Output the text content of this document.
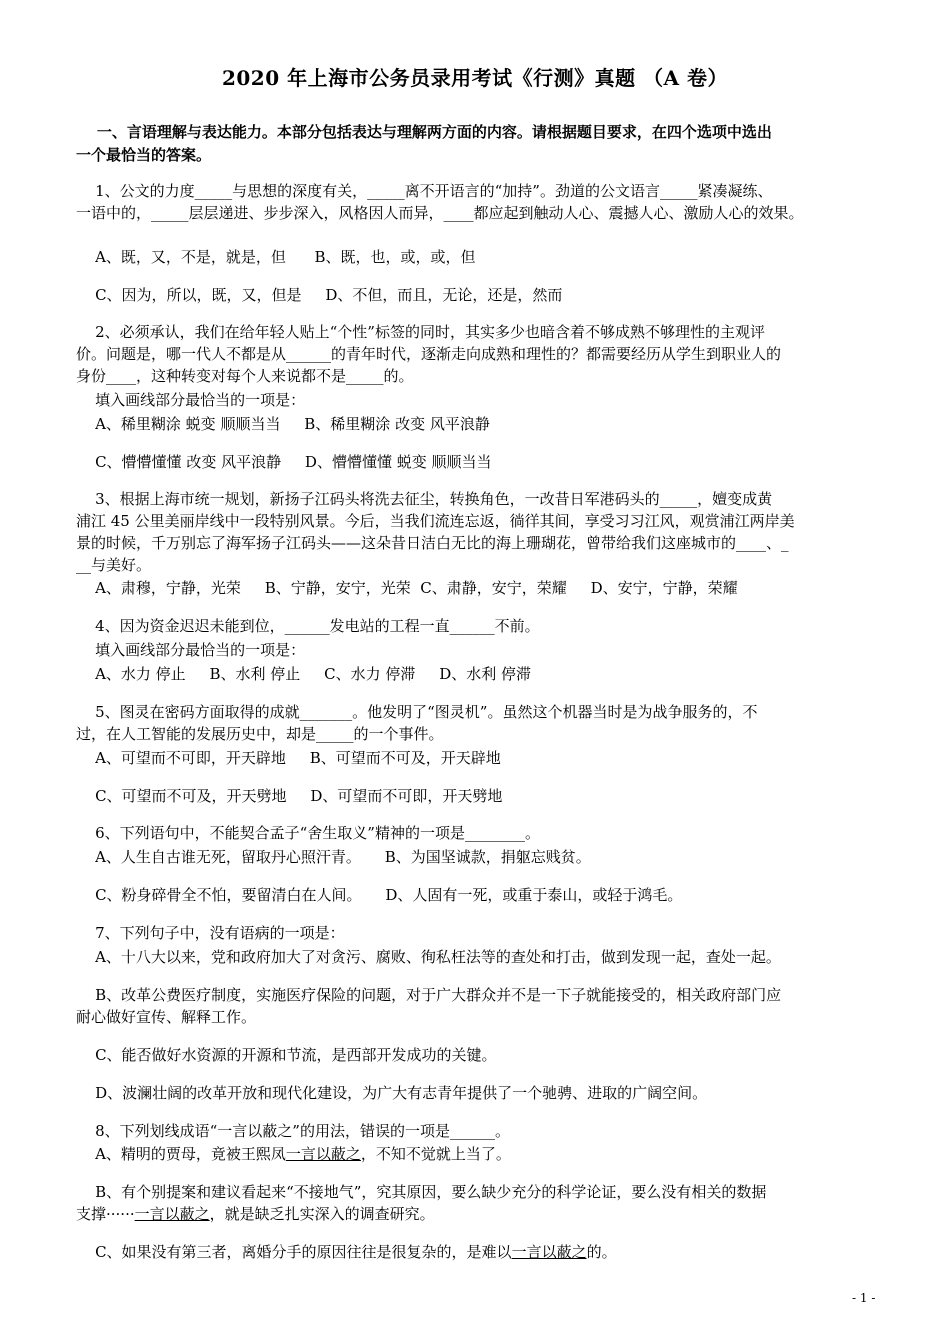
2020 年上海市公务员录用考试《行测》真题 （A 卷）
一、言语理解与表达能力。本部分包括表达与理解两方面的内容。请根据题目要求，在四个选项中选出
一个最恰当的答案。
1、公文的力度_____与思想的深度有关，_____离不开语言的“加持”。劲道的公文语言_____紧凑凝练、
一语中的，_____层层递进、步步深入，风格因人而异，____都应起到触动人心、震撼人心、激励人心的效果。
A、既，又，不是，就是，但      B、既，也，或，或，但
C、因为，所以，既，又，但是     D、不但，而且，无论，还是，然而
2、必须承认，我们在给年轻人贴上“个性”标签的同时，其实多少也暗含着不够成熟不够理性的主观评
价。问题是，哪一代人不都是从______的青年时代，逐渐走向成熟和理性的？都需要经历从学生到职业人的
身份____，这种转变对每个人来说都不是_____的。
填入画线部分最恰当的一项是：
A、稀里糊涂 蜕变 顺顺当当     B、稀里糊涂 改变 风平浪静
C、懵懵懂懂 改变 风平浪静     D、懵懵懂懂 蜕变 顺顺当当
3、根据上海市统一规划，新扬子江码头将洗去征尘，转换角色，一改昔日军港码头的_____，嬗变成黄
浦江 45 公里美丽岸线中一段特别风景。今后，当我们流连忘返，徜徉其间，享受习习江风，观赏浦江两岸美
景的时候，千万别忘了海军扬子江码头——这朵昔日洁白无比的海上珊瑚花，曾带给我们这座城市的____、_
__与美好。
A、肃穆，宁静，光荣     B、宁静，安宁，光荣  C、肃静，安宁，荣耀     D、安宁，宁静，荣耀
4、因为资金迟迟未能到位，______发电站的工程一直______不前。
填入画线部分最恰当的一项是：
A、水力 停止     B、水利 停止     C、水力 停滞     D、水利 停滞
5、图灵在密码方面取得的成就_______。他发明了“图灵机”。虽然这个机器当时是为战争服务的，不
过，在人工智能的发展历史中，却是_____的一个事件。
A、可望而不可即，开天辟地     B、可望而不可及，开天辟地
C、可望而不可及，开天劈地     D、可望而不可即，开天劈地
6、下列语句中，不能契合孟子“舍生取义”精神的一项是________。
A、人生自古谁无死，留取丹心照汗青。     B、为国坚诚款，捐躯忘贱贫。
C、粉身碎骨全不怕，要留清白在人间。     D、人固有一死，或重于泰山，或轻于鸿毛。
7、下列句子中，没有语病的一项是：
A、十八大以来，党和政府加大了对贪污、腐败、徇私枉法等的查处和打击，做到发现一起，查处一起。
B、改革公费医疗制度，实施医疗保险的问题，对于广大群众并不是一下子就能接受的，相关政府部门应
耐心做好宣传、解释工作。
C、能否做好水资源的开源和节流，是西部开发成功的关键。
D、波澜壮阔的改革开放和现代化建设，为广大有志青年提供了一个驰骋、进取的广阔空间。
8、下列划线成语“一言以蔽之”的用法，错误的一项是______。
A、精明的贾母，竟被王熙凤一言以蔽之，不知不觉就上当了。
B、有个别提案和建议看起来“不接地气”，究其原因，要么缺少充分的科学论证，要么没有相关的数据
支撑······一言以蔽之，就是缺乏扎实深入的调查研究。
C、如果没有第三者，离婚分手的原因往往是很复杂的，是难以一言以蔽之的。
- 1 -
